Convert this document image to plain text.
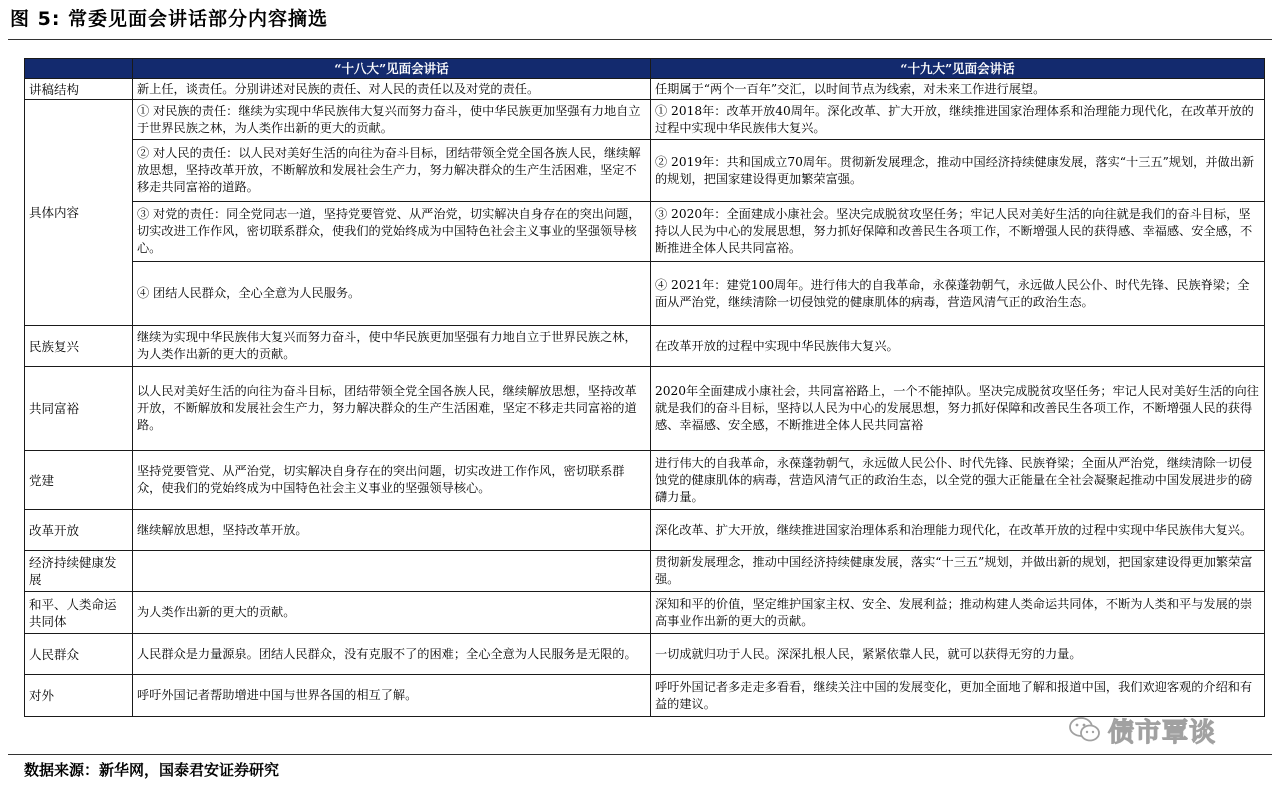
图 5: 常委见面会讲话部分内容摘选
	“十八大”见面会讲话	“十九大”见面会讲话
讲稿结构	新上任，谈责任。分别讲述对民族的责任、对人民的责任以及对党的责任。	任期属于“两个一百年”交汇，以时间节点为线索，对未来工作进行展望。
具体内容	① 对民族的责任：继续为实现中华民族伟大复兴而努力奋斗，使中华民族更加坚强有力地自立于世界民族之林，为人类作出新的更大的贡献。	① 2018年：改革开放40周年。深化改革、扩大开放，继续推进国家治理体系和治理能力现代化，在改革开放的过程中实现中华民族伟大复兴。
	② 对人民的责任：以人民对美好生活的向往为奋斗目标，团结带领全党全国各族人民，继续解放思想，坚持改革开放，不断解放和发展社会生产力，努力解决群众的生产生活困难，坚定不移走共同富裕的道路。	② 2019年：共和国成立70周年。贯彻新发展理念，推动中国经济持续健康发展，落实“十三五”规划，并做出新的规划，把国家建设得更加繁荣富强。
	③ 对党的责任：同全党同志一道，坚持党要管党、从严治党，切实解决自身存在的突出问题，切实改进工作作风，密切联系群众，使我们的党始终成为中国特色社会主义事业的坚强领导核心。	③ 2020年：全面建成小康社会。坚决完成脱贫攻坚任务；牢记人民对美好生活的向往就是我们的奋斗目标，坚持以人民为中心的发展思想，努力抓好保障和改善民生各项工作，不断增强人民的获得感、幸福感、安全感，不断推进全体人民共同富裕。
	④ 团结人民群众，全心全意为人民服务。	④ 2021年：建党100周年。进行伟大的自我革命，永葆蓬勃朝气，永远做人民公仆、时代先锋、民族脊梁；全面从严治党，继续清除一切侵蚀党的健康肌体的病毒，营造风清气正的政治生态。
民族复兴	继续为实现中华民族伟大复兴而努力奋斗，使中华民族更加坚强有力地自立于世界民族之林，为人类作出新的更大的贡献。	在改革开放的过程中实现中华民族伟大复兴。
共同富裕	以人民对美好生活的向往为奋斗目标，团结带领全党全国各族人民，继续解放思想，坚持改革开放，不断解放和发展社会生产力，努力解决群众的生产生活困难，坚定不移走共同富裕的道路。	2020年全面建成小康社会，共同富裕路上，一个不能掉队。坚决完成脱贫攻坚任务；牢记人民对美好生活的向往就是我们的奋斗目标，坚持以人民为中心的发展思想，努力抓好保障和改善民生各项工作，不断增强人民的获得感、幸福感、安全感，不断推进全体人民共同富裕
党建	坚持党要管党、从严治党，切实解决自身存在的突出问题，切实改进工作作风，密切联系群众，使我们的党始终成为中国特色社会主义事业的坚强领导核心。	进行伟大的自我革命，永葆蓬勃朝气，永远做人民公仆、时代先锋、民族脊梁；全面从严治党，继续清除一切侵蚀党的健康肌体的病毒，营造风清气正的政治生态，以全党的强大正能量在全社会凝聚起推动中国发展进步的磅礴力量。
改革开放	继续解放思想，坚持改革开放。	深化改革、扩大开放，继续推进国家治理体系和治理能力现代化，在改革开放的过程中实现中华民族伟大复兴。
经济持续健康发展		贯彻新发展理念，推动中国经济持续健康发展，落实“十三五”规划，并做出新的规划，把国家建设得更加繁荣富强。
和平、人类命运共同体	为人类作出新的更大的贡献。	深知和平的价值，坚定维护国家主权、安全、发展利益；推动构建人类命运共同体，不断为人类和平与发展的崇高事业作出新的更大的贡献。
人民群众	人民群众是力量源泉。团结人民群众，没有克服不了的困难；全心全意为人民服务是无限的。	一切成就归功于人民。深深扎根人民，紧紧依靠人民，就可以获得无穷的力量。
对外	呼吁外国记者帮助增进中国与世界各国的相互了解。	呼吁外国记者多走走多看看，继续关注中国的发展变化，更加全面地了解和报道中国，我们欢迎客观的介绍和有益的建议。
债市覃谈
数据来源：新华网，国泰君安证券研究
